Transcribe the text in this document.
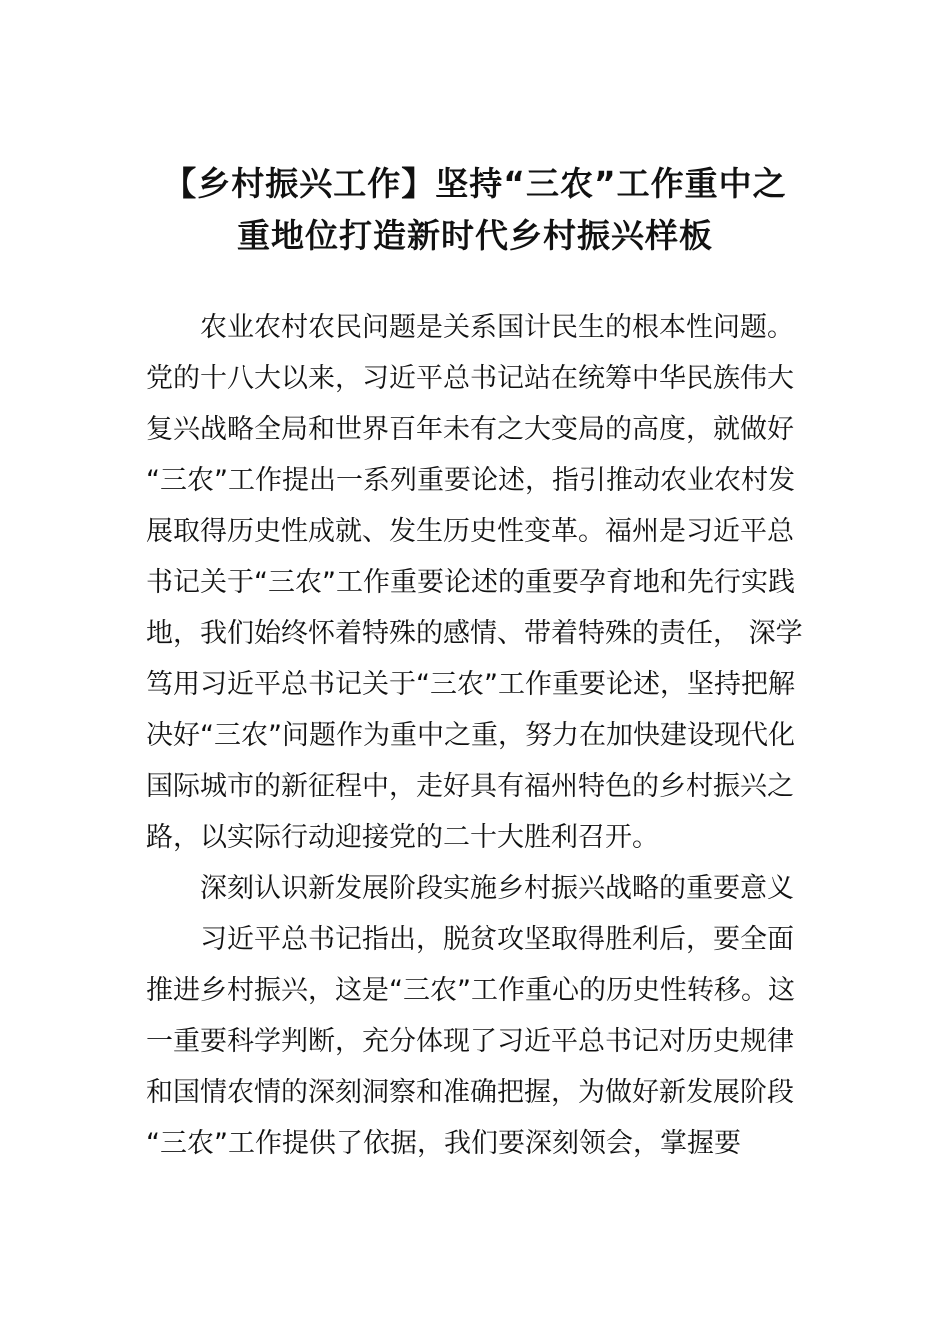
【乡村振兴工作】坚持“三农”工作重中之
重地位打造新时代乡村振兴样板
农业农村农民问题是关系国计民生的根本性问题。
党的十八大以来，习近平总书记站在统筹中华民族伟大
复兴战略全局和世界百年未有之大变局的高度，就做好
“三农”工作提出一系列重要论述，指引推动农业农村发
展取得历史性成就、发生历史性变革。福州是习近平总
书记关于“三农”工作重要论述的重要孕育地和先行实践
地，我们始终怀着特殊的感情、带着特殊的责任， 深学
笃用习近平总书记关于“三农”工作重要论述，坚持把解
决好“三农”问题作为重中之重，努力在加快建设现代化
国际城市的新征程中，走好具有福州特色的乡村振兴之
路，以实际行动迎接党的二十大胜利召开。
深刻认识新发展阶段实施乡村振兴战略的重要意义
习近平总书记指出，脱贫攻坚取得胜利后，要全面
推进乡村振兴，这是“三农”工作重心的历史性转移。这
一重要科学判断，充分体现了习近平总书记对历史规律
和国情农情的深刻洞察和准确把握，为做好新发展阶段
“三农”工作提供了依据，我们要深刻领会，掌握要
